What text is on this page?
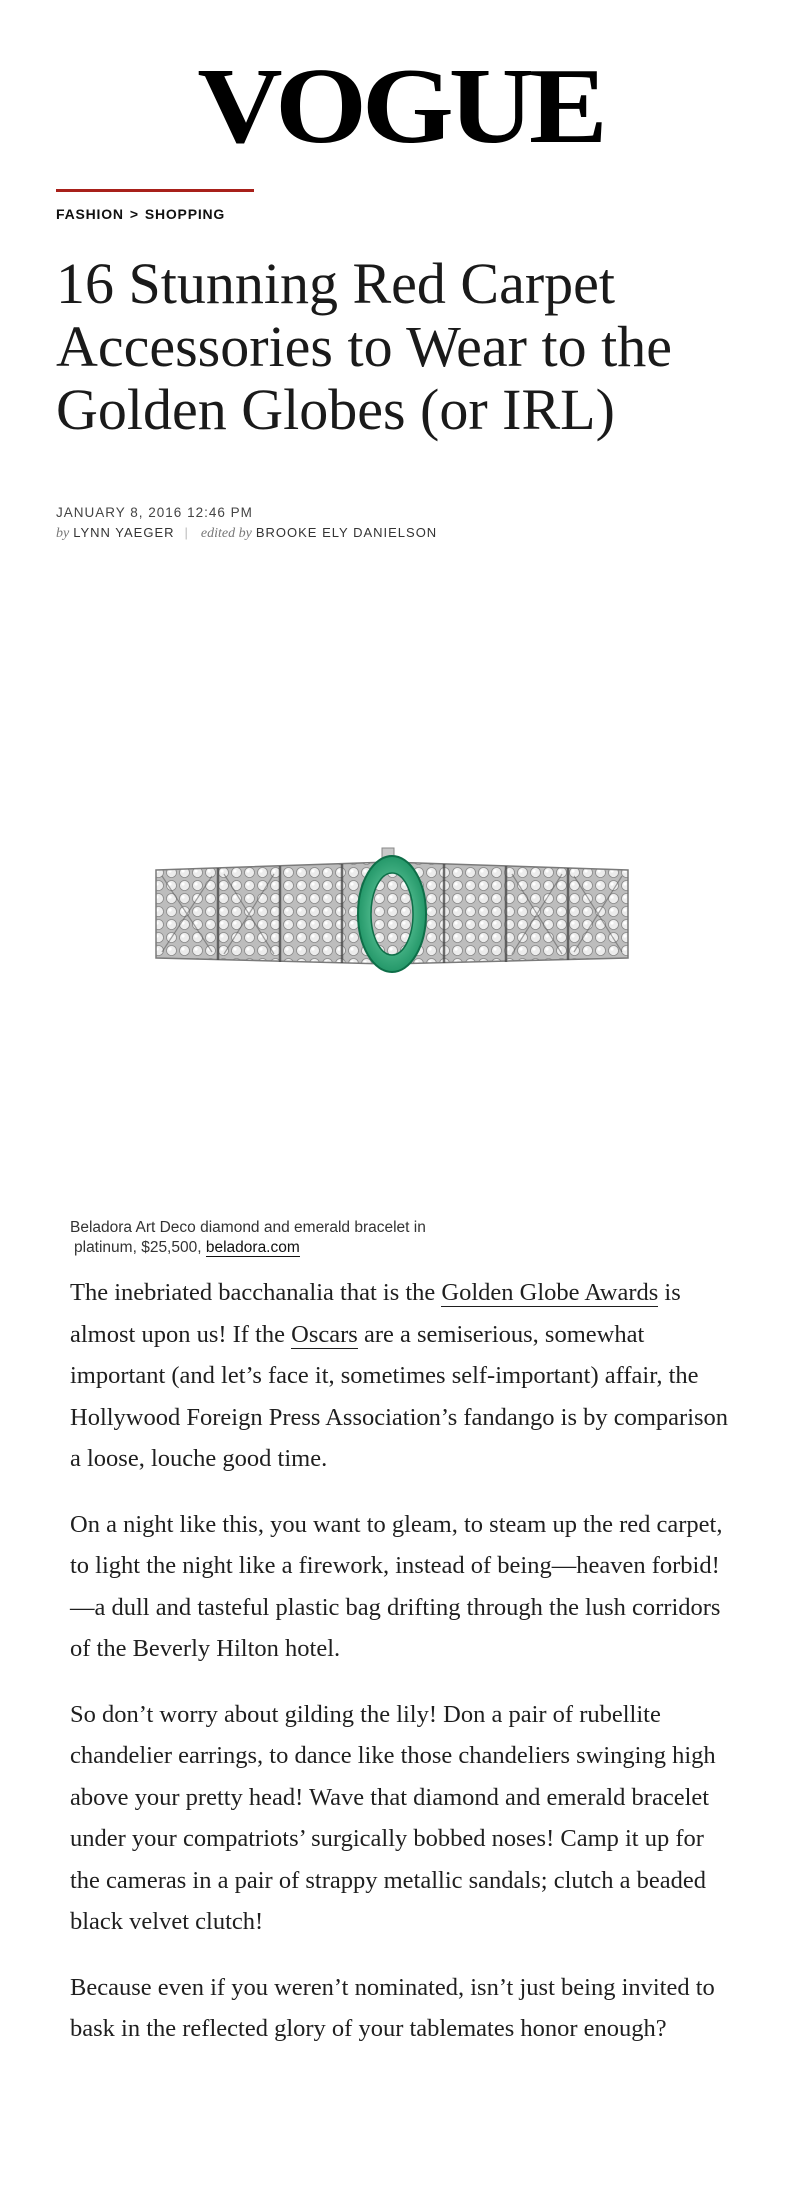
VOGUE
FASHION > SHOPPING
16 Stunning Red Carpet Accessories to Wear to the Golden Globes (or IRL)
JANUARY 8, 2016 12:46 PM
by LYNN YAEGER | edited by BROOKE ELY DANIELSON
Beladora Art Deco diamond and emerald bracelet in
platinum, $25,500, beladora.com

The inebriated bacchanalia that is the Golden Globe Awards is almost upon us! If the Oscars are a semiserious, somewhat important (and let’s face it, sometimes self-important) affair, the Hollywood Foreign Press Association’s fandango is by comparison a loose, louche good time.

On a night like this, you want to gleam, to steam up the red carpet, to light the night like a firework, instead of being—heaven forbid!—a dull and tasteful plastic bag drifting through the lush corridors of the Beverly Hilton hotel.

So don’t worry about gilding the lily! Don a pair of rubellite chandelier earrings, to dance like those chandeliers swinging high above your pretty head! Wave that diamond and emerald bracelet under your compatriots’ surgically bobbed noses! Camp it up for the cameras in a pair of strappy metallic sandals; clutch a beaded black velvet clutch!

Because even if you weren’t nominated, isn’t just being invited to bask in the reflected glory of your tablemates honor enough?
